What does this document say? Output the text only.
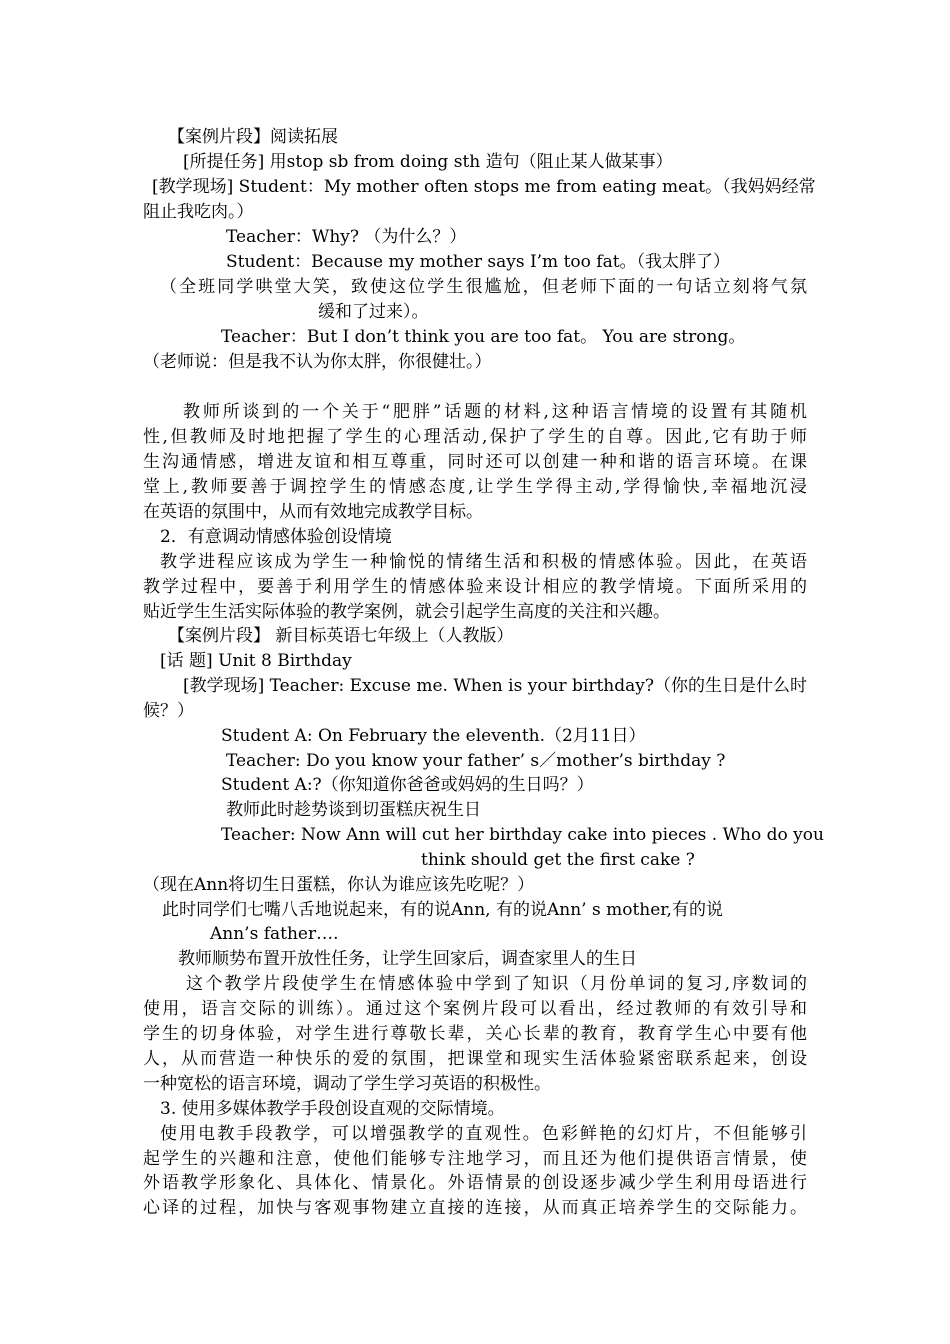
【案例片段】阅读拓展
[所提任务] 用stop sb from doing sth 造句（阻止某人做某事）
[教学现场] Student：My mother often stops me from eating meat。（我妈妈经常
阻止我吃肉。）
Teacher：Why? （为什么？）
Student：Because my mother says I’m too fat。（我太胖了）
（全班同学哄堂大笑，致使这位学生很尴尬，但老师下面的一句话立刻将气氛
缓和了过来）。
Teacher：But I don’t think you are too fat。 You are strong。
（老师说：但是我不认为你太胖，你很健壮。）
教师所谈到的一个关于“肥胖”话题的材料,这种语言情境的设置有其随机
性,但教师及时地把握了学生的心理活动,保护了学生的自尊。因此,它有助于师
生沟通情感，增进友谊和相互尊重，同时还可以创建一种和谐的语言环境。在课
堂上,教师要善于调控学生的情感态度,让学生学得主动,学得愉快,幸福地沉浸
在英语的氛围中，从而有效地完成教学目标。
2．有意调动情感体验创设情境
教学进程应该成为学生一种愉悦的情绪生活和积极的情感体验。因此，在英语
教学过程中，要善于利用学生的情感体验来设计相应的教学情境。下面所采用的
贴近学生生活实际体验的教学案例，就会引起学生高度的关注和兴趣。
【案例片段】 新目标英语七年级上（人教版）
[话 题] Unit 8 Birthday
[教学现场] Teacher: Excuse me. When is your birthday?（你的生日是什么时
候？）
Student A: On February the eleventh.（2月11日）
Teacher: Do you know your father’ s／mother’s birthday ?
Student A:?（你知道你爸爸或妈妈的生日吗？）
教师此时趁势谈到切蛋糕庆祝生日
Teacher: Now Ann will cut her birthday cake into pieces . Who do you
think should get the first cake ?
（现在Ann将切生日蛋糕，你认为谁应该先吃呢？）
此时同学们七嘴八舌地说起来，有的说Ann, 有的说Ann’ s mother,有的说
Ann’s father….
教师顺势布置开放性任务，让学生回家后，调查家里人的生日
这个教学片段使学生在情感体验中学到了知识（月份单词的复习,序数词的
使用，语言交际的训练）。通过这个案例片段可以看出，经过教师的有效引导和
学生的切身体验，对学生进行尊敬长辈，关心长辈的教育，教育学生心中要有他
人，从而营造一种快乐的爱的氛围，把课堂和现实生活体验紧密联系起来，创设
一种宽松的语言环境，调动了学生学习英语的积极性。
3. 使用多媒体教学手段创设直观的交际情境。
使用电教手段教学，可以增强教学的直观性。色彩鲜艳的幻灯片，不但能够引
起学生的兴趣和注意，使他们能够专注地学习，而且还为他们提供语言情景，使
外语教学形象化、具体化、情景化。外语情景的创设逐步减少学生利用母语进行
心译的过程，加快与客观事物建立直接的连接，从而真正培养学生的交际能力。
